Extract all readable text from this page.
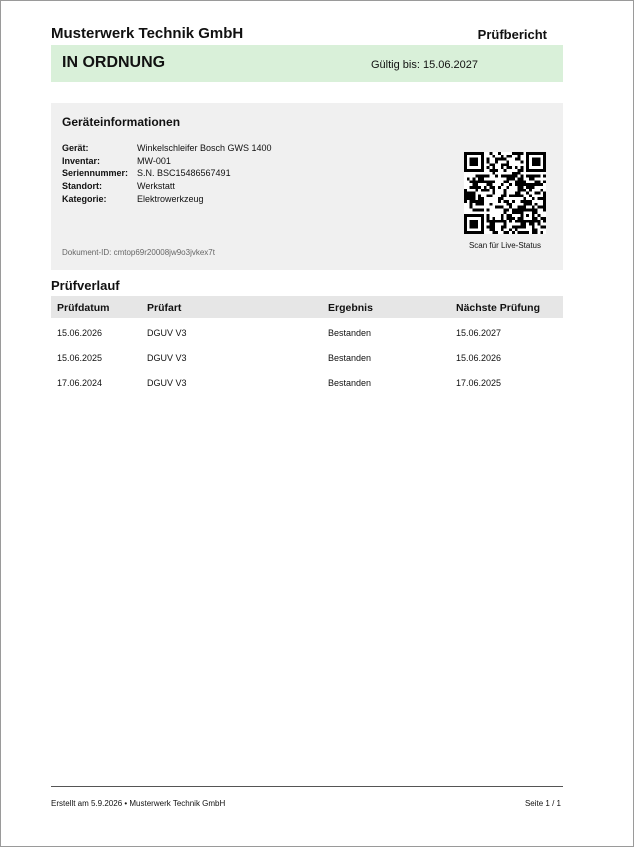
Musterwerk Technik GmbH	Prüfbericht
IN ORDNUNG	Gültig bis: 15.06.2027
Geräteinformationen
Gerät:	Winkelschleifer Bosch GWS 1400
Inventar:	MW-001
Seriennummer: S.N. BSC15486567491
Standort:	Werkstatt
Kategorie:	Elektrowerkzeug
Dokument-ID: cmtop69r20008jw9o3jvkex7t
Scan für Live-Status
Prüfverlauf
Prüfdatum	Prüfart	Ergebnis	Nächste Prüfung
15.06.2026	DGUV V3	Bestanden	15.06.2027
15.06.2025	DGUV V3	Bestanden	15.06.2026
17.06.2024	DGUV V3	Bestanden	17.06.2025
Erstellt am 5.9.2026 • Musterwerk Technik GmbH	Seite 1 / 1
